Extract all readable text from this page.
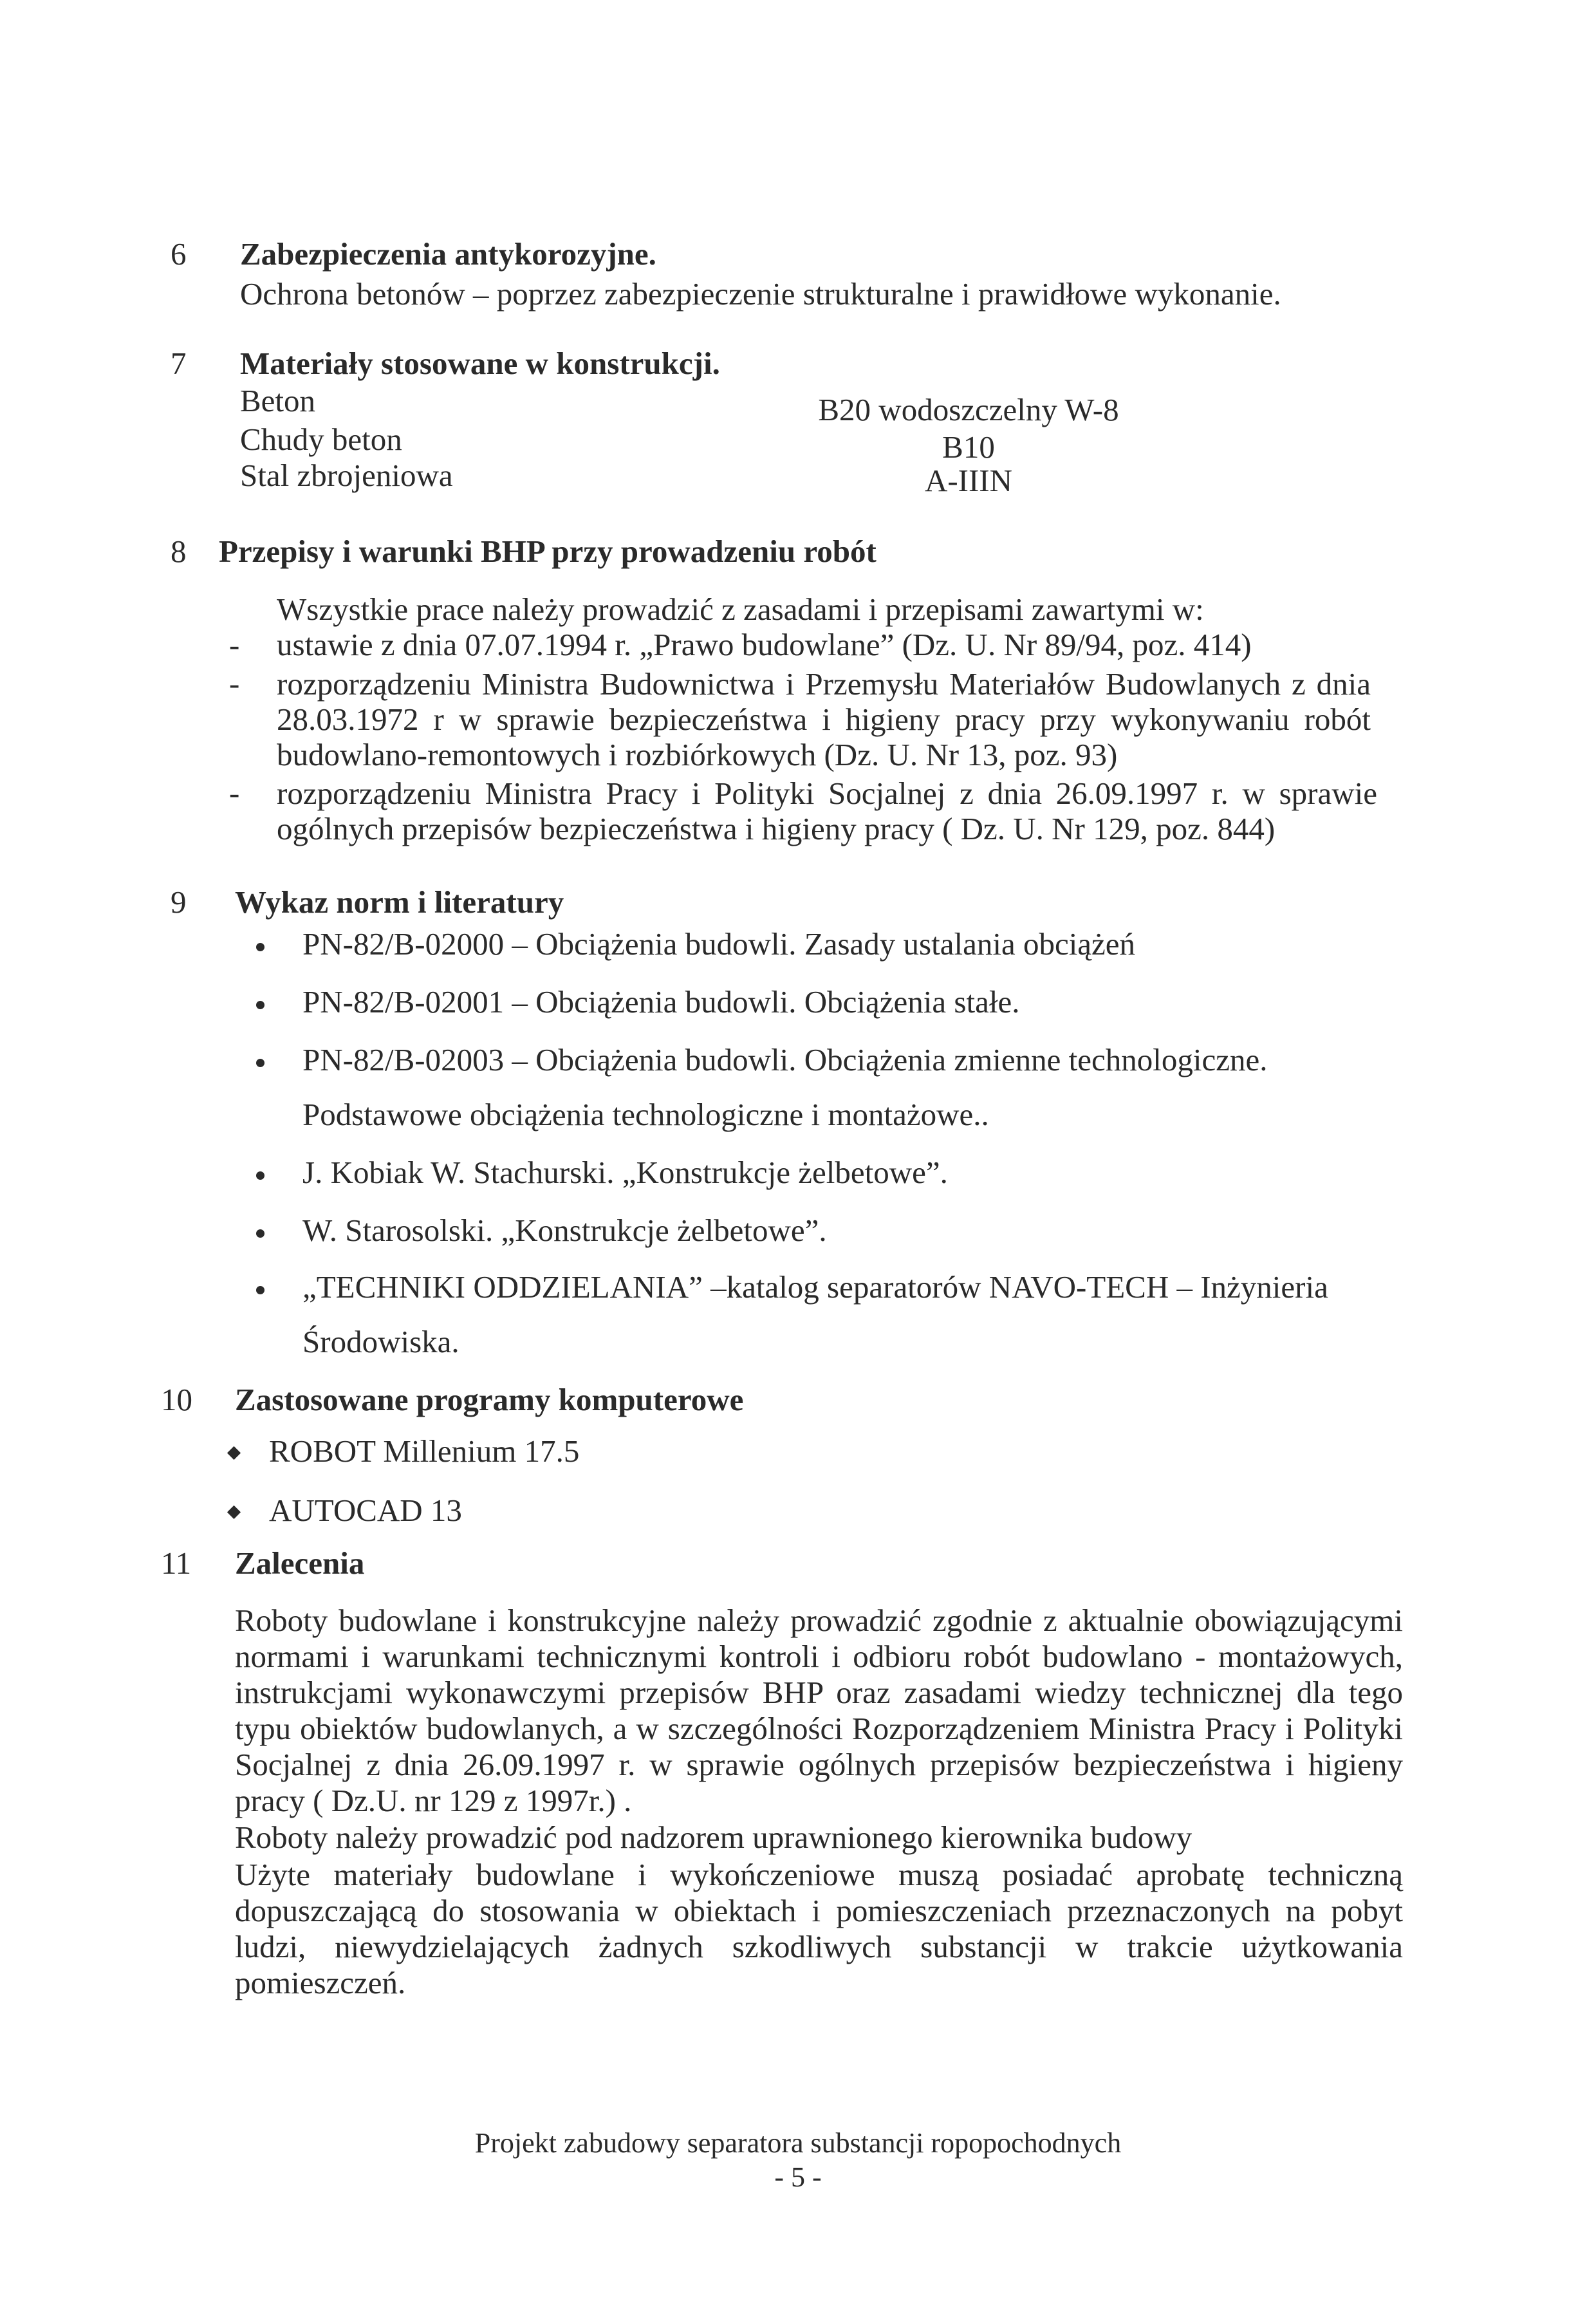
6 Zabezpieczenia antykorozyjne.
Ochrona betonów – poprzez zabezpieczenie strukturalne i prawidłowe wykonanie.
7 Materiały stosowane w konstrukcji.
Beton	B20 wodoszczelny W-8
Chudy beton	B10
Stal zbrojeniowa	A-IIIN
8 Przepisy i warunki BHP przy prowadzeniu robót
Wszystkie prace należy prowadzić z zasadami i przepisami zawartymi w:
- ustawie z dnia 07.07.1994 r. „Prawo budowlane” (Dz. U. Nr 89/94, poz. 414)
- rozporządzeniu Ministra Budownictwa i Przemysłu Materiałów Budowlanych z dnia 28.03.1972 r w sprawie bezpieczeństwa i higieny pracy przy wykonywaniu robót budowlano-remontowych i rozbiórkowych (Dz. U. Nr 13, poz. 93)
- rozporządzeniu Ministra Pracy i Polityki Socjalnej z dnia 26.09.1997 r. w sprawie ogólnych przepisów bezpieczeństwa i higieny pracy ( Dz. U. Nr 129, poz. 844)
9 Wykaz norm i literatury
PN-82/B-02000 – Obciążenia budowli. Zasady ustalania obciążeń
PN-82/B-02001 – Obciążenia budowli. Obciążenia stałe.
PN-82/B-02003 – Obciążenia budowli. Obciążenia zmienne technologiczne.
Podstawowe obciążenia technologiczne i montażowe..
J. Kobiak W. Stachurski. „Konstrukcje żelbetowe”.
W. Starosolski. „Konstrukcje żelbetowe”.
„TECHNIKI ODDZIELANIA” –katalog separatorów NAVO-TECH – Inżynieria
Środowiska.
10 Zastosowane programy komputerowe
ROBOT Millenium 17.5
AUTOCAD 13
11 Zalecenia
Roboty budowlane i konstrukcyjne należy prowadzić zgodnie z aktualnie obowiązującymi normami i warunkami technicznymi kontroli i odbioru robót budowlano - montażowych, instrukcjami wykonawczymi przepisów BHP oraz zasadami wiedzy technicznej dla tego typu obiektów budowlanych, a w szczególności Rozporządzeniem Ministra Pracy i Polityki Socjalnej z dnia 26.09.1997 r. w sprawie ogólnych przepisów bezpieczeństwa i higieny pracy ( Dz.U. nr 129 z 1997r.) .
Roboty należy prowadzić pod nadzorem uprawnionego kierownika budowy
Użyte materiały budowlane i wykończeniowe muszą posiadać aprobatę techniczną dopuszczającą do stosowania w obiektach i pomieszczeniach przeznaczonych na pobyt ludzi, niewydzielających żadnych szkodliwych substancji w trakcie użytkowania pomieszczeń.
Projekt zabudowy separatora substancji ropopochodnych
- 5 -
